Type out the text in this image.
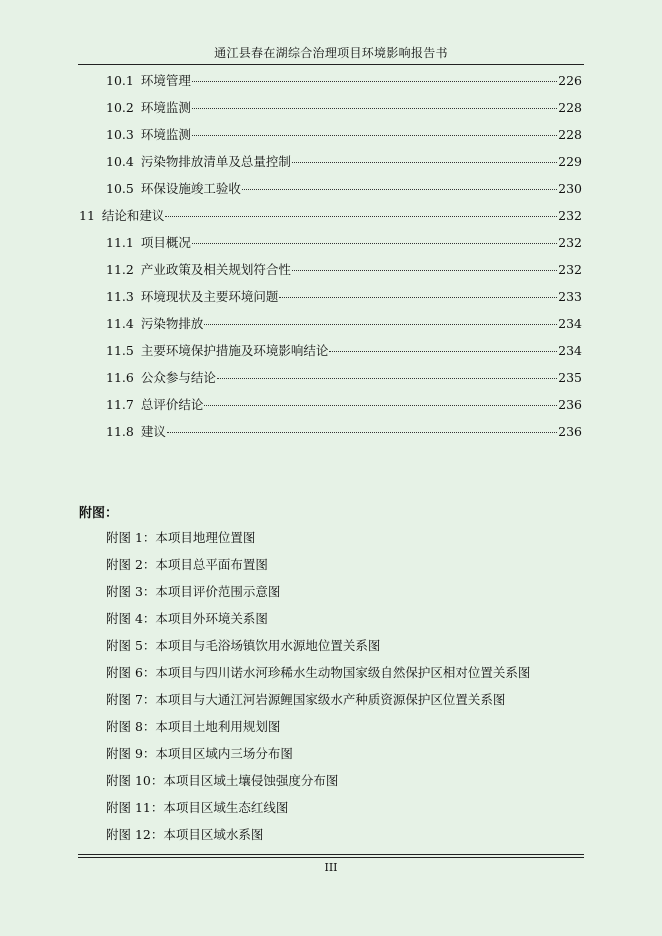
通江县春在湖综合治理项目环境影响报告书
10.1 环境管理	226
10.2 环境监测	228
10.3 环境监测	228
10.4 污染物排放清单及总量控制	229
10.5 环保设施竣工验收	230
11 结论和建议	232
11.1 项目概况	232
11.2 产业政策及相关规划符合性	232
11.3 环境现状及主要环境问题	233
11.4 污染物排放	234
11.5 主要环境保护措施及环境影响结论	234
11.6 公众参与结论	235
11.7 总评价结论	236
11.8 建议	236
附图：
附图 1：本项目地理位置图
附图 2：本项目总平面布置图
附图 3：本项目评价范围示意图
附图 4：本项目外环境关系图
附图 5：本项目与毛浴场镇饮用水源地位置关系图
附图 6：本项目与四川诺水河珍稀水生动物国家级自然保护区相对位置关系图
附图 7：本项目与大通江河岩源鲤国家级水产种质资源保护区位置关系图
附图 8：本项目土地利用规划图
附图 9：本项目区域内三场分布图
附图 10：本项目区域土壤侵蚀强度分布图
附图 11：本项目区域生态红线图
附图 12：本项目区域水系图
III
